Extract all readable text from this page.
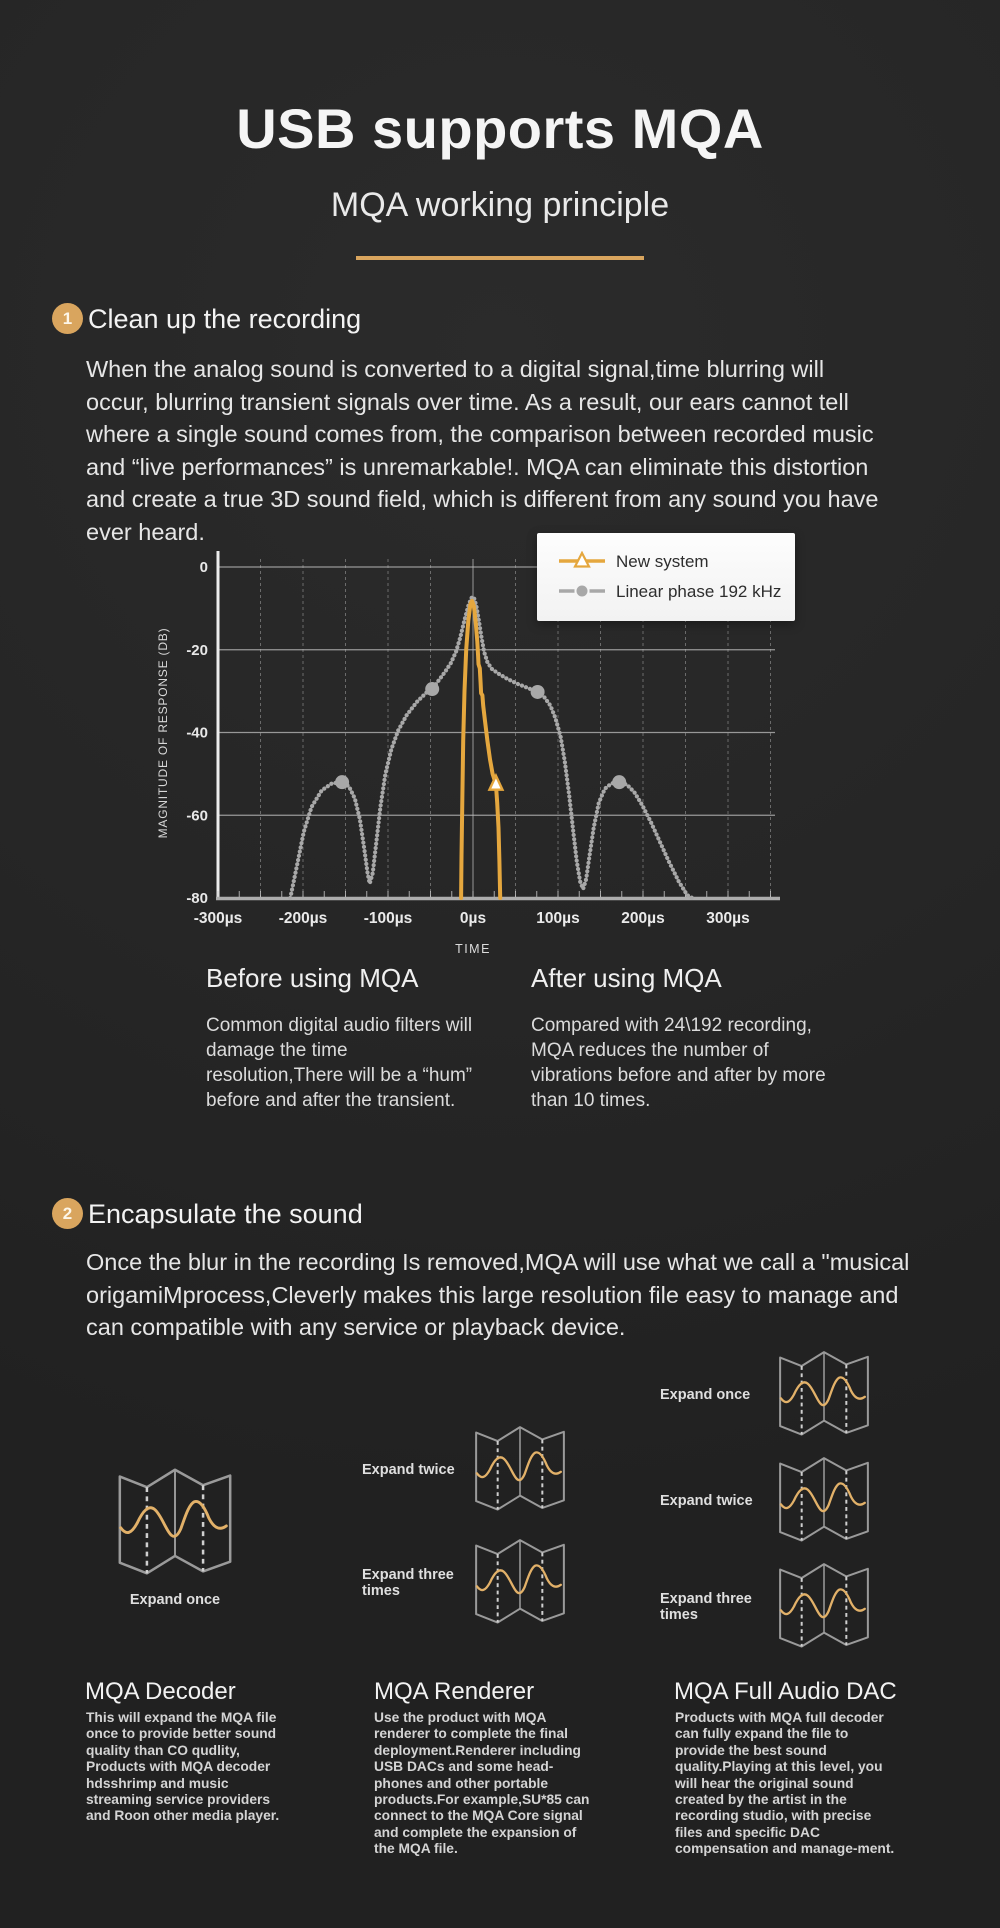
USB supports MQA
MQA working principle
1 Clean up the recording
When the analog sound is converted to a digital signal,time blurring will occur, blurring transient signals over time. As a result, our ears cannot tell where a single sound comes from, the comparison between recorded music and “live performances” is unremarkable!. MQA can eliminate this distortion and create a true 3D sound field, which is different from any sound you have ever heard.
0
-20
-40
-60
-80
-300µs -200µs -100µs	0µs	100µs	200µs	300µs
TIME
MAGNITUDE OF RESPONSE (DB)
New system
Linear phase 192 kHz
Before using MQA
Common digital audio filters will damage the time resolution,There will be a “hum” before and after the transient.
After using MQA
Compared with 24\192 recording, MQA reduces the number of vibrations before and after by more than 10 times.
2 Encapsulate the sound
Once the blur in the recording Is removed,MQA will use what we call a "musical origamiMprocess,Cleverly makes this large resolution file easy to manage and can compatible with any service or playback device.
Expand once
Expand twice
Expand three times
Expand once
Expand twice
Expand three times
MQA Decoder
This will expand the MQA file once to provide better sound quality than CO qudlity, Products with MQA decoder hdsshrimp and music streaming service providers and Roon other media player.
MQA Renderer
Use the product with MQA renderer to complete the final deployment.Renderer including USB DACs and some head-phones and other portable products.For example,SU*85 can connect to the MQA Core signal and complete the expansion of the MQA file.
MQA Full Audio DAC
Products with MQA full decoder can fully expand the file to provide the best sound quality.Playing at this level, you will hear the original sound created by the artist in the recording studio, with precise files and specific DAC compensation and manage-ment.
